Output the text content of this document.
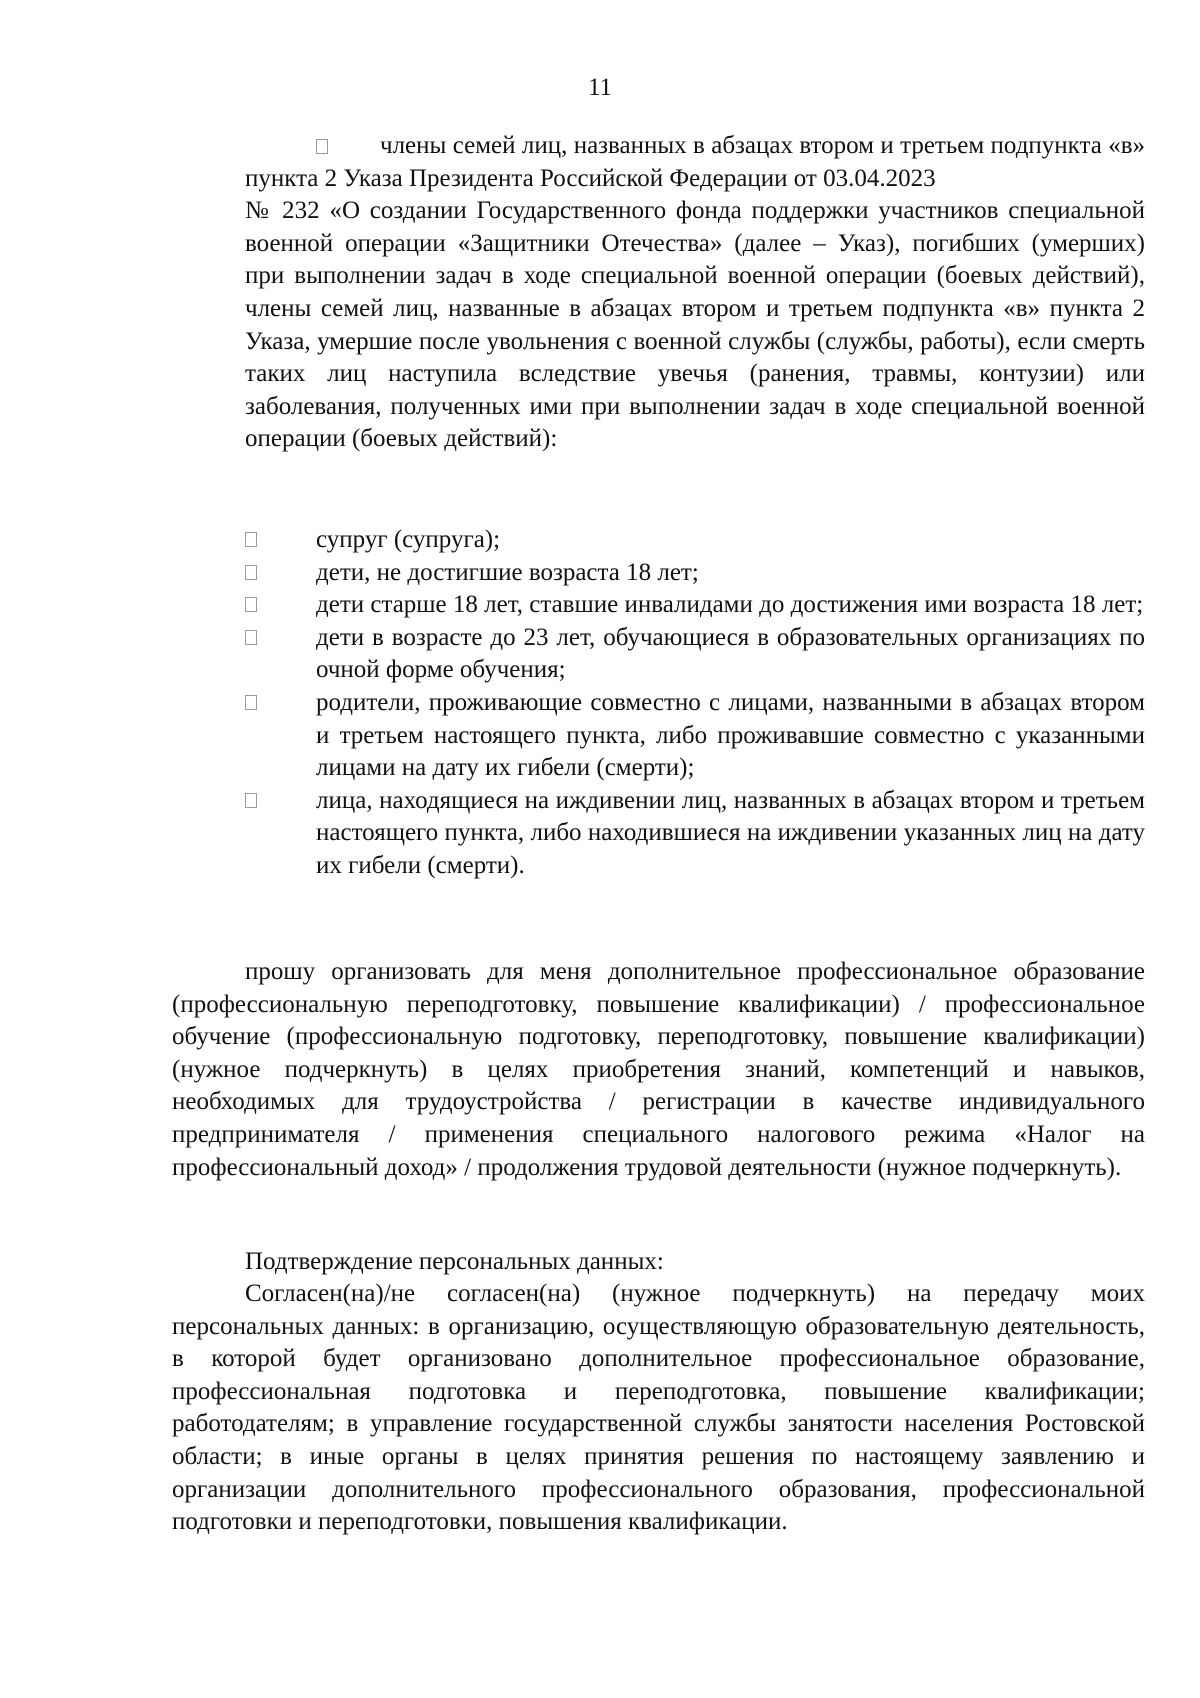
11

члены семей лиц, названных в абзацах втором и третьем подпункта «в» пункта 2 Указа Президента Российской Федерации от 03.04.2023

№ 232 «О создании Государственного фонда поддержки участников специальной военной операции «Защитники Отечества» (далее – Указ), погибших (умерших) при выполнении задач в ходе специальной военной операции (боевых действий), члены семей лиц, названные в абзацах втором и третьем подпункта «в» пункта 2 Указа, умершие после увольнения с военной службы (службы, работы), если смерть таких лиц наступила вследствие увечья (ранения, травмы, контузии) или заболевания, полученных ими при выполнении задач в ходе специальной военной операции (боевых действий):

супруг (супруга);
дети, не достигшие возраста 18 лет;
дети старше 18 лет, ставшие инвалидами до достижения ими возраста 18 лет;
дети в возрасте до 23 лет, обучающиеся в образовательных организациях по очной форме обучения;
родители, проживающие совместно с лицами, названными в абзацах втором и третьем настоящего пункта, либо проживавшие совместно с указанными лицами на дату их гибели (смерти);
лица, находящиеся на иждивении лиц, названных в абзацах втором и третьем настоящего пункта, либо находившиеся на иждивении указанных лиц на дату их гибели (смерти).

прошу организовать для меня дополнительное профессиональное образование (профессиональную переподготовку, повышение квалификации) / профессиональное обучение (профессиональную подготовку, переподготовку, повышение квалификации) (нужное подчеркнуть) в целях приобретения знаний, компетенций и навыков, необходимых для трудоустройства / регистрации в качестве индивидуального предпринимателя / применения специального налогового режима «Налог на профессиональный доход» / продолжения трудовой деятельности (нужное подчеркнуть).

Подтверждение персональных данных:

Согласен(на)/не согласен(на) (нужное подчеркнуть) на передачу моих персональных данных: в организацию, осуществляющую образовательную деятельность, в которой будет организовано дополнительное профессиональное образование, профессиональная подготовка и переподготовка, повышение квалификации; работодателям; в управление государственной службы занятости населения Ростовской области; в иные органы в целях принятия решения по настоящему заявлению и организации дополнительного профессионального образования, профессиональной подготовки и переподготовки, повышения квалификации.
